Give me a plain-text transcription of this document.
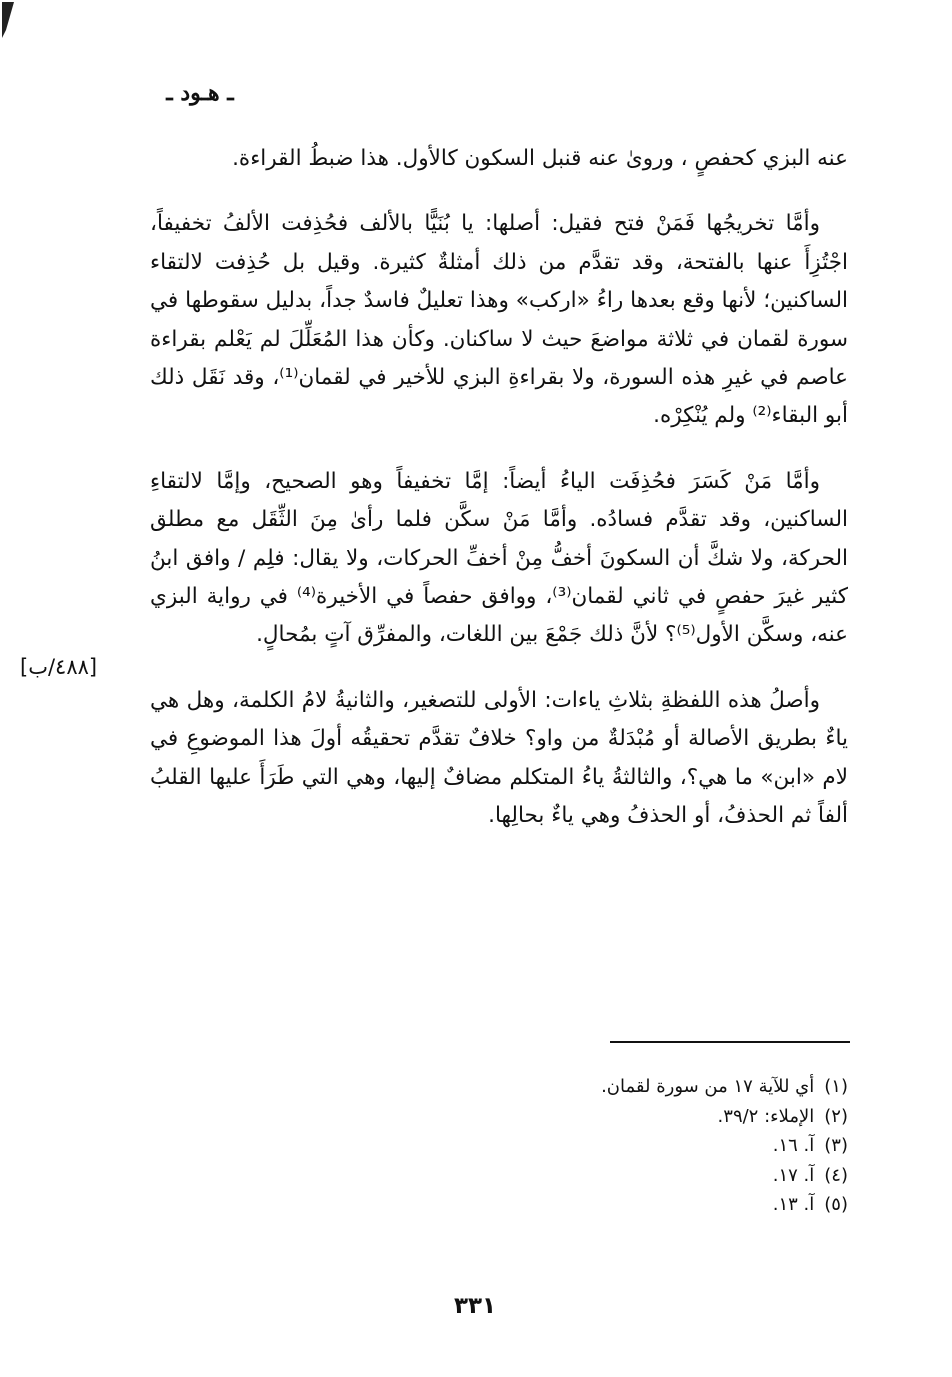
ـ هـود ـ

عنه البزي كحفصٍ ، وروىٰ عنه قنبل السكون كالأول. هذا ضبطُ القراءة.

وأمَّا تخريجُها فَمَنْ فتح فقيل: أصلها: يا بُنَيًّا بالألف فحُذِفت الألفُ تخفيفاً، اجْتُزِأَ عنها بالفتحة، وقد تقدَّم من ذلك أمثلةٌ كثيرة. وقيل بل حُذِفت لالتقاء الساكنين؛ لأنها وقع بعدها راءُ «اركب» وهذا تعليلٌ فاسدٌ جداً، بدليل سقوطها في سورة لقمان في ثلاثة مواضعَ حيث لا ساكنان. وكأن هذا المُعَلِّلَ لم يَعْلم بقراءة عاصم في غيرِ هذه السورة، ولا بقراءةِ البزي للأخير في لقمان⁽¹⁾، وقد نَقَل ذلك أبو البقاء⁽²⁾ ولم يُنْكِرْه.

وأمَّا مَنْ كَسَرَ فحُذِفَت الياءُ أيضاً: إمَّا تخفيفاً وهو الصحيح، وإمَّا لالتقاءِ الساكنين، وقد تقدَّم فسادُه. وأمَّا مَنْ سكَّن فلما رأىٰ مِنَ الثِّقَل مع مطلق الحركة، ولا شكَّ أن السكونَ أخفُّ مِنْ أخفِّ الحركات، ولا يقال: فلِم / وافق ابنُ كثير غيرَ حفصٍ في ثاني لقمان⁽³⁾، ووافق حفصاً في الأخيرة⁽⁴⁾ في رواية البزي عنه، وسكَّن الأول⁽⁵⁾؟ لأنَّ ذلك جَمْعَ بين اللغات، والمفرِّق آتٍ بمُحالٍ.

وأصلُ هذه اللفظةِ بثلاثِ ياءات: الأولى للتصغير، والثانيةُ لامُ الكلمة، وهل هي ياءٌ بطريق الأصالة أو مُبْدَلةٌ من واو؟ خلافٌ تقدَّم تحقيقُه أولَ هذا الموضوعِ في لام «ابن» ما هي؟، والثالثةُ ياءُ المتكلم مضافٌ إليها، وهي التي طَرَأَ عليها القلبُ ألفاً ثم الحذفُ، أو الحذفُ وهي ياءٌ بحالِها.

[٤٨٨/ب]
(١)أي للآية ١٧ من سورة لقمان.
(٢)الإملاء: ٣٩/٢.
(٣)آ. ١٦.
(٤)آ. ١٧.
(٥)آ. ١٣.
٣٣١
